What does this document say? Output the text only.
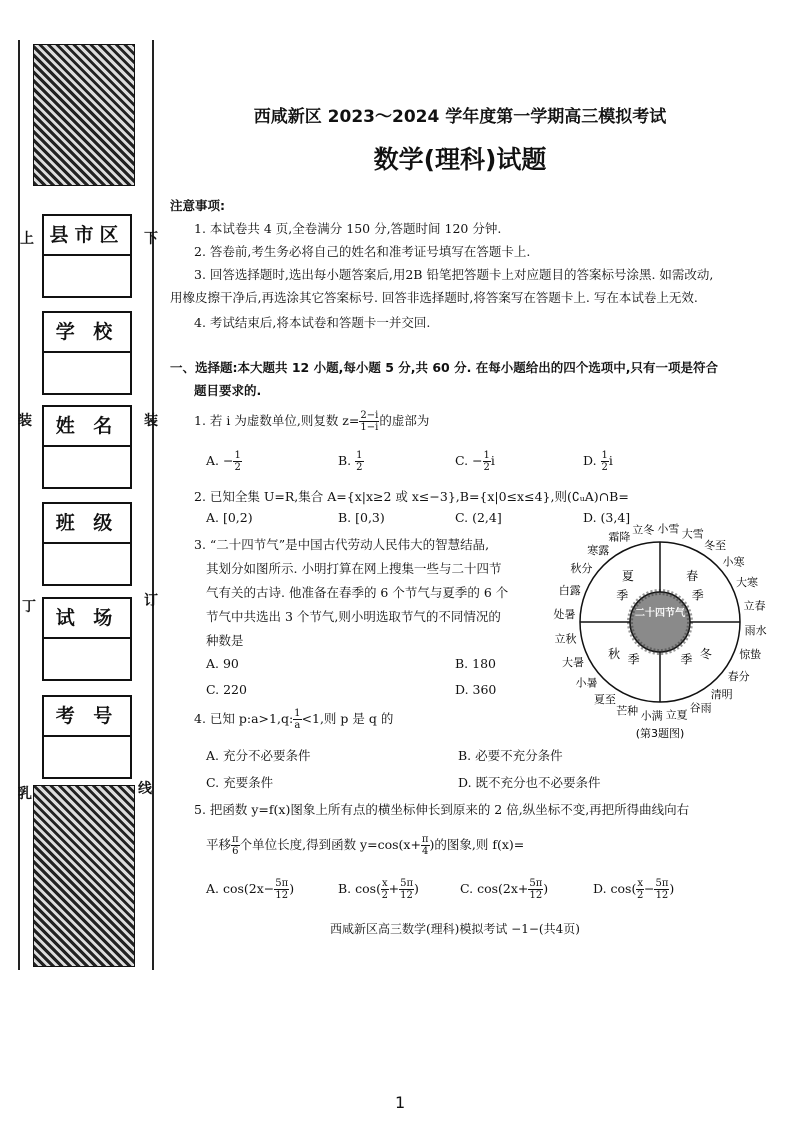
县市区
学 校
姓 名
班 级
试 场
考 号
上
装
丁
乳
下
装
订
线
西咸新区 2023～2024 学年度第一学期高三模拟考试
数学(理科)试题
注意事项:
1. 本试卷共 4 页,全卷满分 150 分,答题时间 120 分钟.
2. 答卷前,考生务必将自己的姓名和准考证号填写在答题卡上.
3. 回答选择题时,选出每小题答案后,用2B 铅笔把答题卡上对应题目的答案标号涂黑. 如需改动,
用橡皮擦干净后,再选涂其它答案标号. 回答非选择题时,将答案写在答题卡上. 写在本试卷上无效.
4. 考试结束后,将本试卷和答题卡一并交回.
一、选择题:本大题共 12 小题,每小题 5 分,共 60 分. 在每小题给出的四个选项中,只有一项是符合
题目要求的.
1. 若 i 为虚数单位,则复数 $z= \frac{2-i}{1-i}$ 的虚部为
A. − $\frac{1}{2}$	B. $\frac{1}{2}$	C. − $\frac{1}{2}$ i	D. $\frac{1}{2}$ i
2. 已知全集 U=R,集合 A={x|x≥2 或 x≤−3},B={x|0≤x≤4},则(∁ᵤA)∩B=
A. [0,2)	B. [0,3)	C. (2,4]	D. (3,4]
3. “二十四节气”是中国古代劳动人民伟大的智慧结晶,
其划分如图所示. 小明打算在网上搜集一些与二十四节
气有关的古诗. 他准备在春季的 6 个节气与夏季的 6 个
节气中共选出 3 个节气,则小明选取节气的不同情况的
种数是
A. 90	B. 180
C. 220	D. 360
二十四节气
春
季
夏
季
秋 季	冬
季
立春
雨水
惊蛰
春分
清明
谷雨
立夏
小满
芒种
夏至
小暑
大暑
立秋
处暑
白露
秋分
寒露
霜降
立冬 小雪 大雪
冬至
小寒
大寒
(第3题图)
4. 已知 p:a>1,q: $\frac{1}{a} <1$,则 p 是 q 的
A. 充分不必要条件	B. 必要不充分条件
C. 充要条件	D. 既不充分也不必要条件
5. 把函数 y=f(x)图象上所有点的横坐标伸长到原来的 2 倍,纵坐标不变,再把所得曲线向右
平移 $\frac{\pi}{6}$ 个单位长度,得到函数 $y=\cos(x+ \frac{\pi}{4}$ )的图象,则 f(x)=
A. $\cos(2x- \frac{5\pi}{12}$ )	B. $\cos( \frac{x}{2} + \frac{5\pi}{12}$ )	C. $\cos(2x+ \frac{5\pi}{12}$ )	D. $\cos( \frac{x}{2} - \frac{5\pi}{12}$ )
西咸新区高三数学(理科)模拟考试 −1−(共4页)
1
